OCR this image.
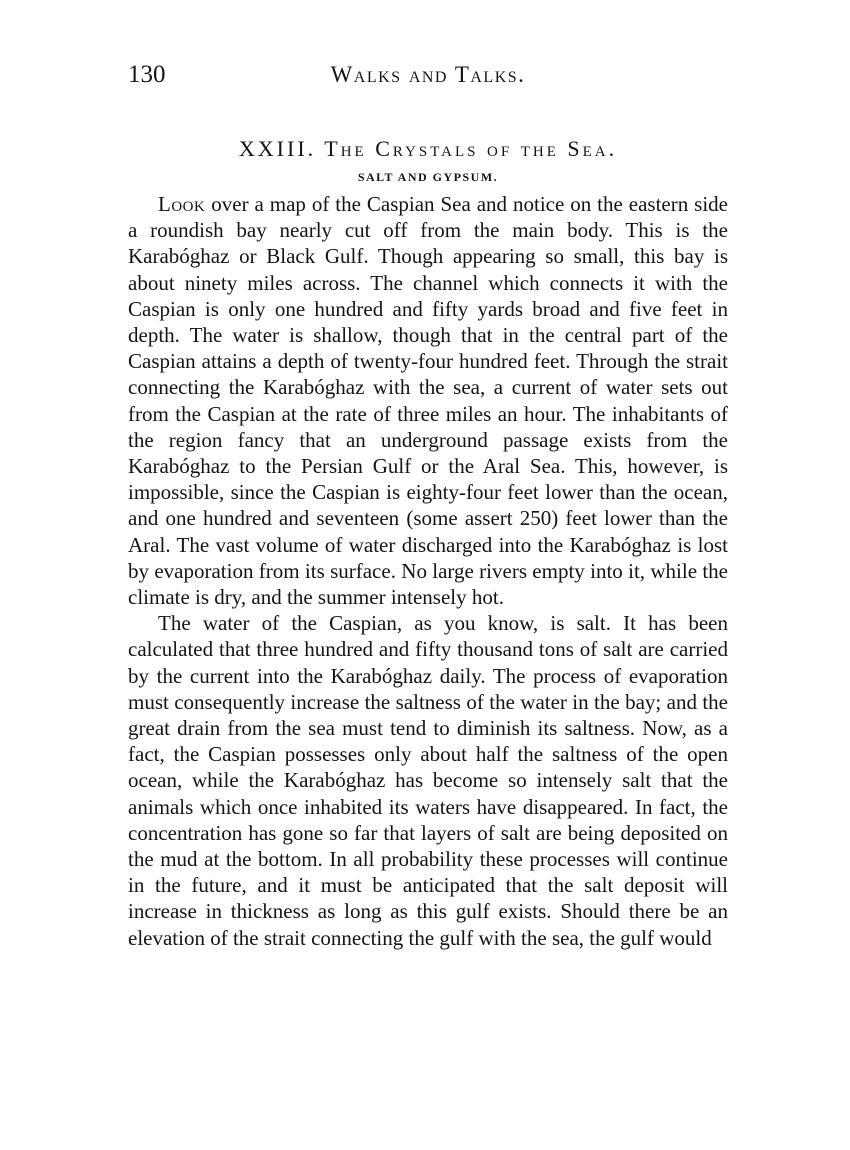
130	Walks and Talks.
XXIII. The Crystals of the Sea.
SALT AND GYPSUM.

Look over a map of the Caspian Sea and notice on the eastern side a roundish bay nearly cut off from the main body. This is the Karabóghaz or Black Gulf. Though appearing so small, this bay is about ninety miles across. The channel which connects it with the Caspian is only one hundred and fifty yards broad and five feet in depth. The water is shallow, though that in the central part of the Caspian attains a depth of twenty-four hundred feet. Through the strait connecting the Karabóghaz with the sea, a current of water sets out from the Caspian at the rate of three miles an hour. The inhabitants of the region fancy that an underground passage exists from the Karabóghaz to the Persian Gulf or the Aral Sea. This, however, is impossible, since the Caspian is eighty-four feet lower than the ocean, and one hundred and seventeen (some assert 250) feet lower than the Aral. The vast volume of water discharged into the Karabóghaz is lost by evaporation from its surface. No large rivers empty into it, while the climate is dry, and the summer intensely hot.

The water of the Caspian, as you know, is salt. It has been calculated that three hundred and fifty thousand tons of salt are carried by the current into the Karabóghaz daily. The process of evaporation must consequently increase the saltness of the water in the bay; and the great drain from the sea must tend to diminish its saltness. Now, as a fact, the Caspian possesses only about half the saltness of the open ocean, while the Karabóghaz has become so intensely salt that the animals which once inhabited its waters have disappeared. In fact, the concentration has gone so far that layers of salt are being deposited on the mud at the bottom. In all probability these processes will continue in the future, and it must be anticipated that the salt deposit will increase in thickness as long as this gulf exists. Should there be an elevation of the strait connecting the gulf with the sea, the gulf would
